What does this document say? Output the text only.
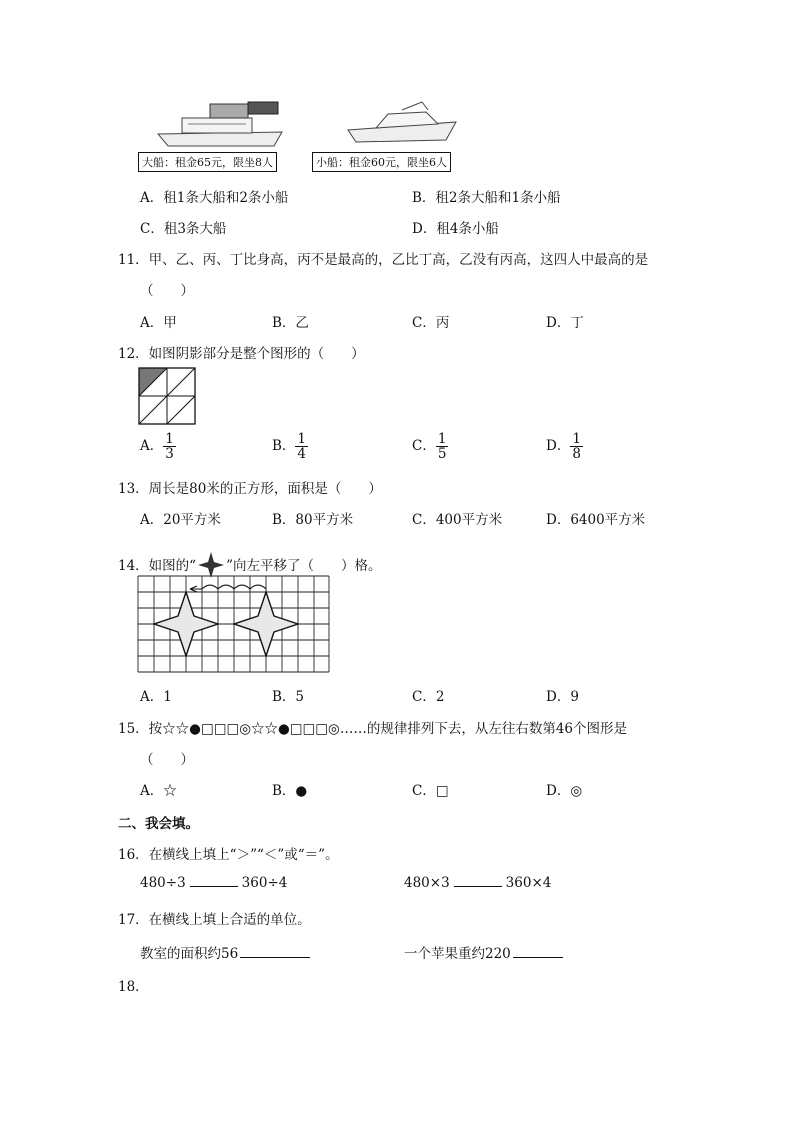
大船：租金65元，限坐8人	小船：租金60元，限坐6人
A．租1条大船和2条小船	B．租2条大船和1条小船
C．租3条大船	D．租4条小船
11．甲、乙、丙、丁比身高，丙不是最高的，乙比丁高，乙没有丙高，这四人中最高的是
（　　）
A．甲	B．乙	C．丙	D．丁
12．如图阴影部分是整个图形的（　　）
A． $\frac{1}{3}$	B． $\frac{1}{4}$	C． $\frac{1}{5}$	D． $\frac{1}{8}$
13．周长是80米的正方形，面积是（　　）
A．20平方米	B．80平方米	C．400平方米	D．6400平方米
14．如图的“ ”向左平移了（　　）格。
A．1	B．5	C．2	D．9
15．按☆☆●□□□◎☆☆●□□□◎……的规律排列下去，从左往右数第46个图形是
（　　）
A．☆	B．●	C．□	D．◎
二、我会填。
16．在横线上填上“＞”“＜”或“＝”。
480÷3	360÷4	480×3	360×4
17．在横线上填上合适的单位。
教室的面积约56	一个苹果重约220
18．
